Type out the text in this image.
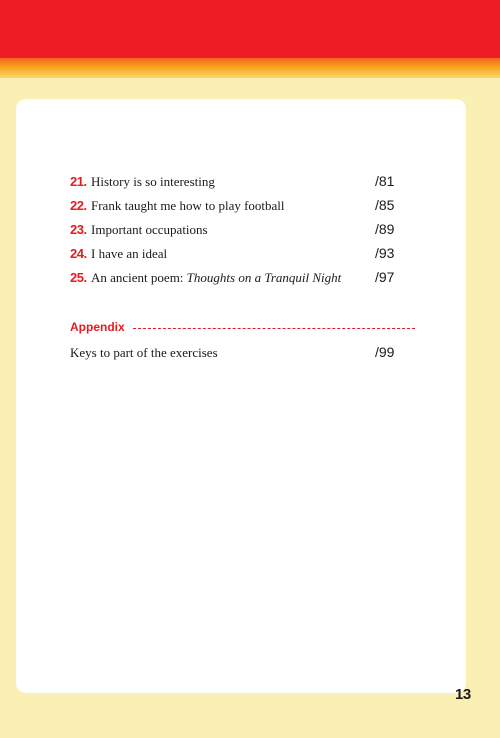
21. History is so interesting	/81
22. Frank taught me how to play football	/85
23. Important occupations	/89
24. I have an ideal	/93
25. An ancient poem: Thoughts on a Tranquil Night	/97
Appendix
Keys to part of the exercises	/99
13
